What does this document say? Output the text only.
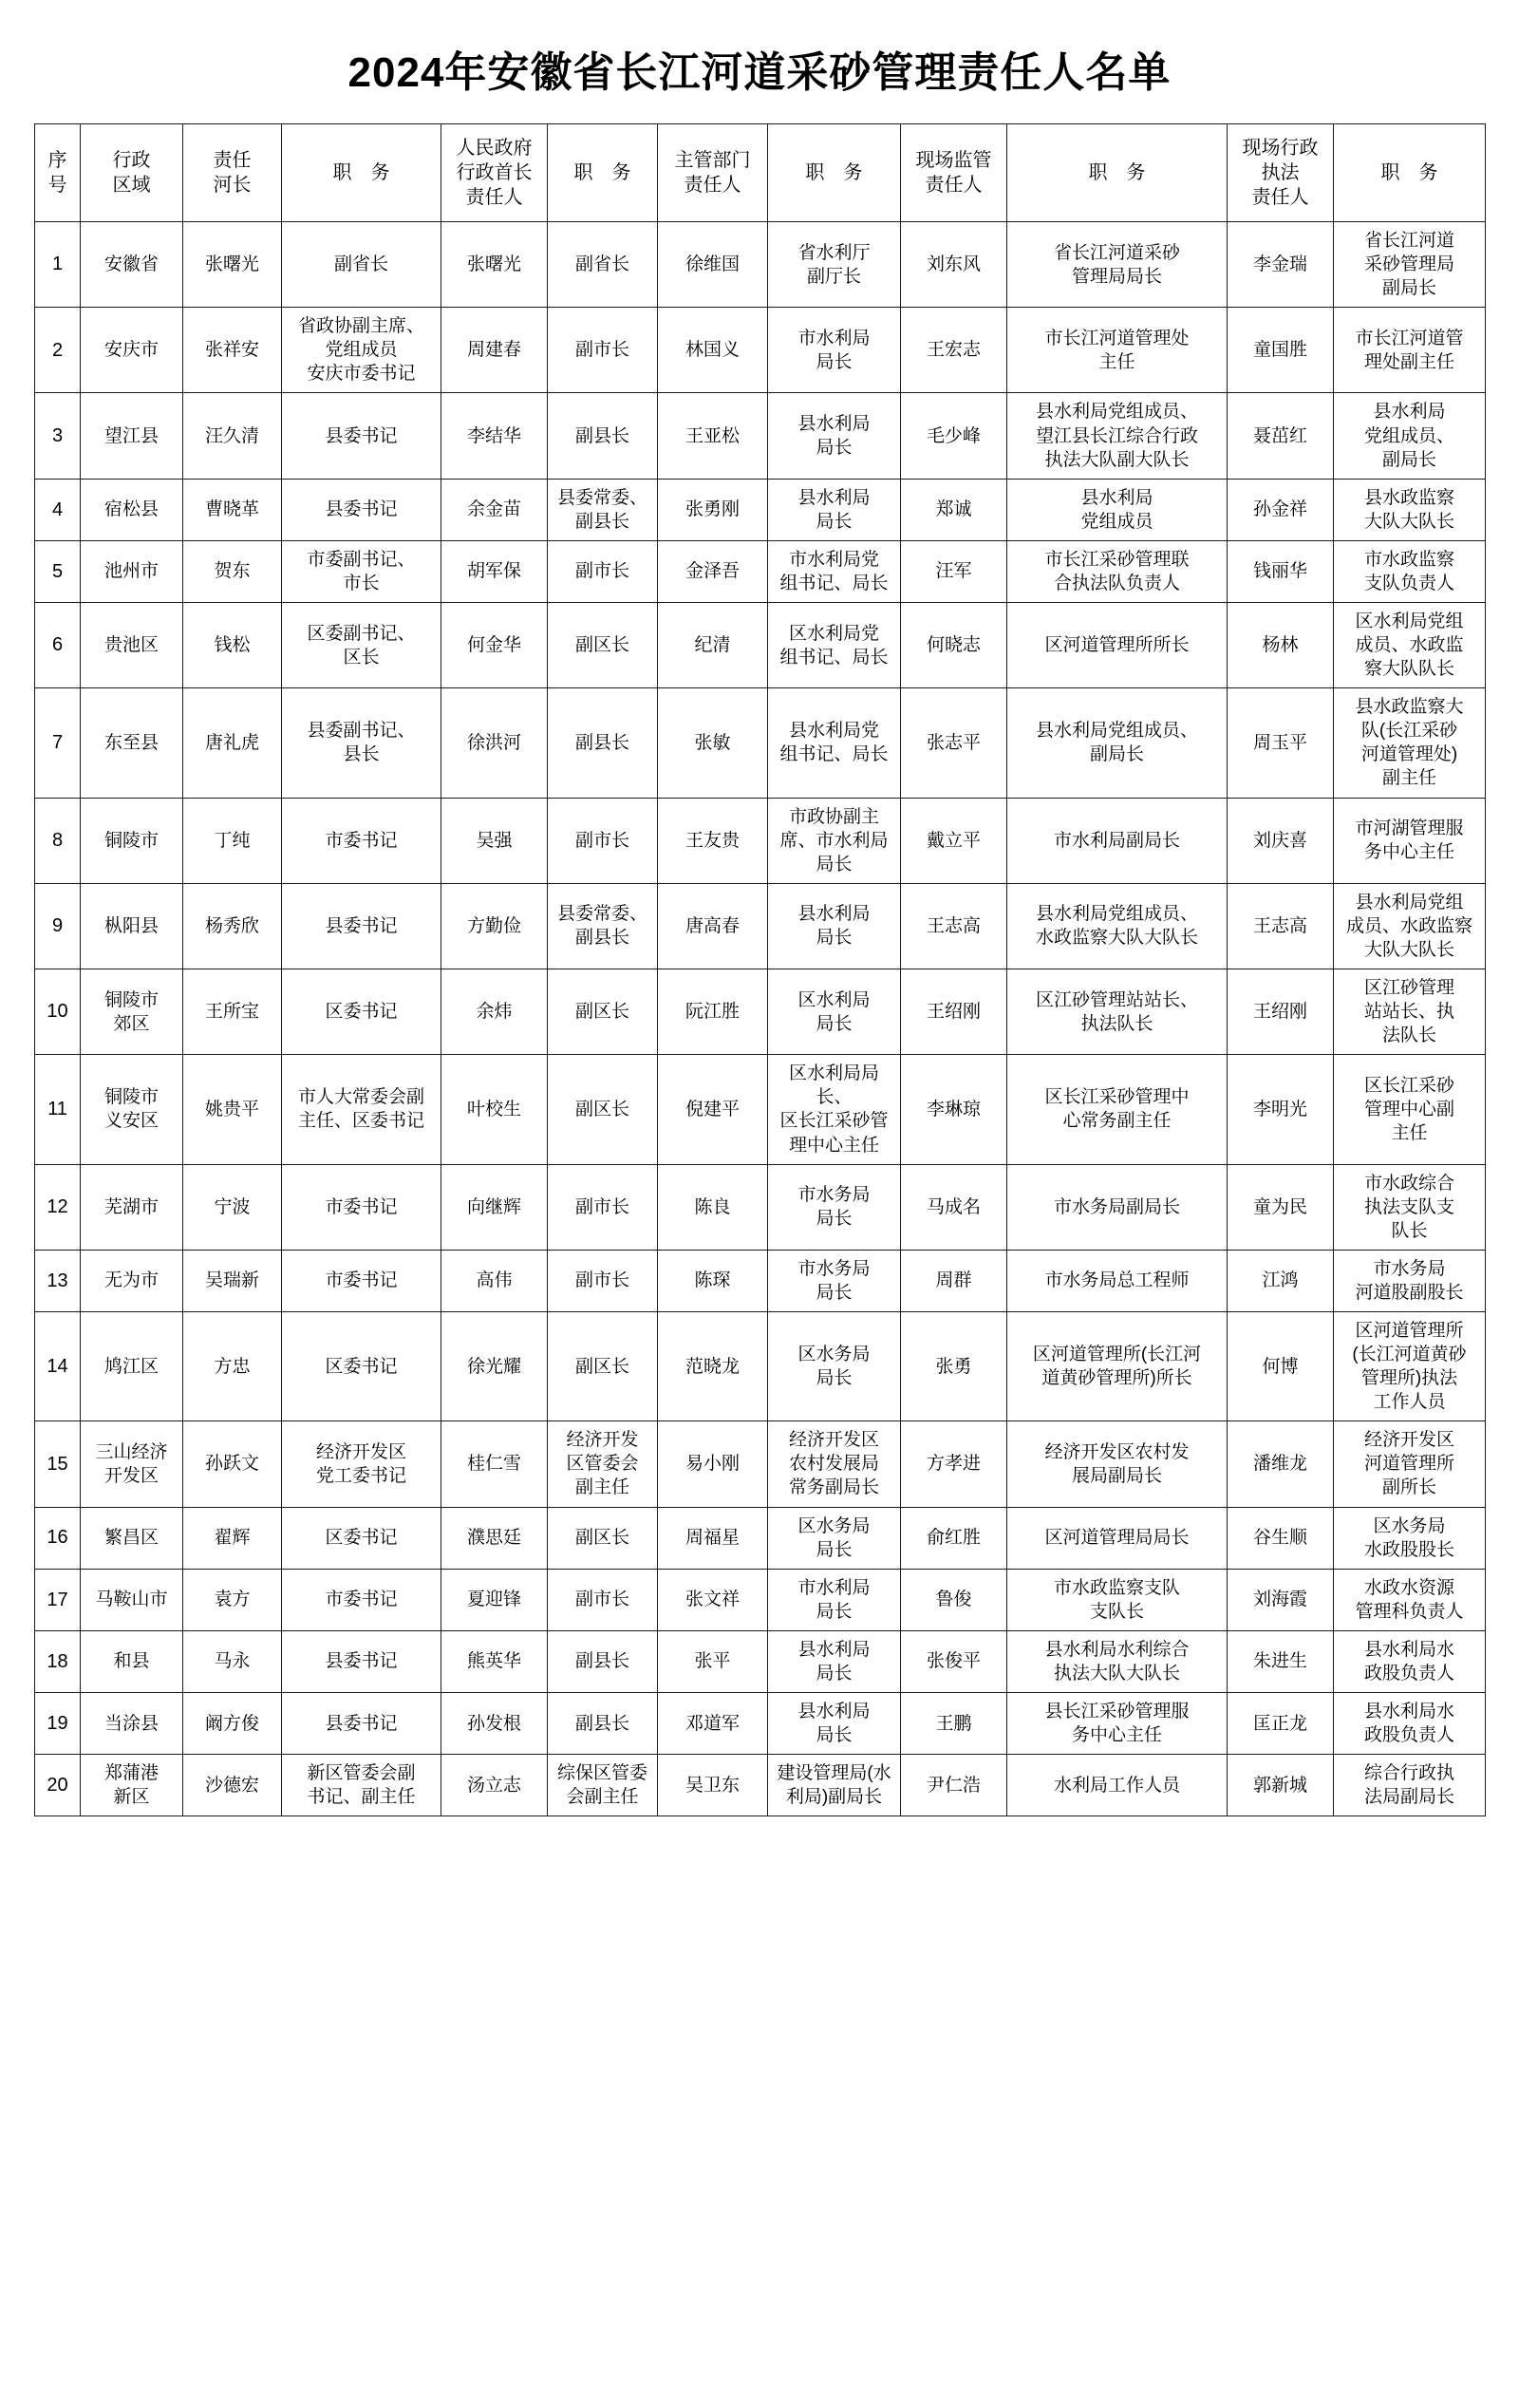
2024年安徽省长江河道采砂管理责任人名单
序
号	行政
区域	责任
河长	职　务	人民政府
行政首长
责任人	职　务	主管部门
责任人	职　务	现场监管
责任人	职　务	现场行政
执法
责任人	职　务
1	安徽省	张曙光	副省长	张曙光	副省长	徐维国	省水利厅
副厅长	刘东风	省长江河道采砂
管理局局长	李金瑞	省长江河道
采砂管理局
副局长
2	安庆市	张祥安	省政协副主席、
党组成员
安庆市委书记	周建春	副市长	林国义	市水利局
局长	王宏志	市长江河道管理处
主任	童国胜	市长江河道管
理处副主任
3	望江县	汪久清	县委书记	李结华	副县长	王亚松	县水利局
局长	毛少峰	县水利局党组成员、
望江县长江综合行政
执法大队副大队长	聂茁红	县水利局
党组成员、
副局长
4	宿松县	曹晓革	县委书记	余金苗	县委常委、
副县长	张勇刚	县水利局
局长	郑诚	县水利局
党组成员	孙金祥	县水政监察
大队大队长
5	池州市	贺东	市委副书记、
市长	胡军保	副市长	金泽吾	市水利局党
组书记、局长	汪军	市长江采砂管理联
合执法队负责人	钱丽华	市水政监察
支队负责人
6	贵池区	钱松	区委副书记、
区长	何金华	副区长	纪清	区水利局党
组书记、局长	何晓志	区河道管理所所长	杨林	区水利局党组
成员、水政监
察大队队长
7	东至县	唐礼虎	县委副书记、
县长	徐洪河	副县长	张敏	县水利局党
组书记、局长	张志平	县水利局党组成员、
副局长	周玉平	县水政监察大
队(长江采砂
河道管理处)
副主任
8	铜陵市	丁纯	市委书记	吴强	副市长	王友贵	市政协副主
席、市水利局
局长	戴立平	市水利局副局长	刘庆喜	市河湖管理服
务中心主任
9	枞阳县	杨秀欣	县委书记	方勤俭	县委常委、
副县长	唐高春	县水利局
局长	王志高	县水利局党组成员、
水政监察大队大队长	王志高	县水利局党组
成员、水政监察
大队大队长
10	铜陵市
郊区	王所宝	区委书记	余炜	副区长	阮江胜	区水利局
局长	王绍刚	区江砂管理站站长、
执法队长	王绍刚	区江砂管理
站站长、执
法队长
11	铜陵市
义安区	姚贵平	市人大常委会副
主任、区委书记	叶校生	副区长	倪建平	区水利局局长、
区长江采砂管
理中心主任	李琳琼	区长江采砂管理中
心常务副主任	李明光	区长江采砂
管理中心副
主任
12	芜湖市	宁波	市委书记	向继辉	副市长	陈良	市水务局
局长	马成名	市水务局副局长	童为民	市水政综合
执法支队支
队长
13	无为市	吴瑞新	市委书记	高伟	副市长	陈琛	市水务局
局长	周群	市水务局总工程师	江鸿	市水务局
河道股副股长
14	鸠江区	方忠	区委书记	徐光耀	副区长	范晓龙	区水务局
局长	张勇	区河道管理所(长江河
道黄砂管理所)所长	何博	区河道管理所
(长江河道黄砂
管理所)执法
工作人员
15	三山经济
开发区	孙跃文	经济开发区
党工委书记	桂仁雪	经济开发
区管委会
副主任	易小刚	经济开发区
农村发展局
常务副局长	方孝进	经济开发区农村发
展局副局长	潘维龙	经济开发区
河道管理所
副所长
16	繁昌区	翟辉	区委书记	濮思廷	副区长	周福星	区水务局
局长	俞红胜	区河道管理局局长	谷生顺	区水务局
水政股股长
17	马鞍山市	袁方	市委书记	夏迎锋	副市长	张文祥	市水利局
局长	鲁俊	市水政监察支队
支队长	刘海霞	水政水资源
管理科负责人
18	和县	马永	县委书记	熊英华	副县长	张平	县水利局
局长	张俊平	县水利局水利综合
执法大队大队长	朱进生	县水利局水
政股负责人
19	当涂县	阚方俊	县委书记	孙发根	副县长	邓道军	县水利局
局长	王鹏	县长江采砂管理服
务中心主任	匡正龙	县水利局水
政股负责人
20	郑蒲港
新区	沙德宏	新区管委会副
书记、副主任	汤立志	综保区管委
会副主任	吴卫东	建设管理局(水
利局)副局长	尹仁浩	水利局工作人员	郭新城	综合行政执
法局副局长
